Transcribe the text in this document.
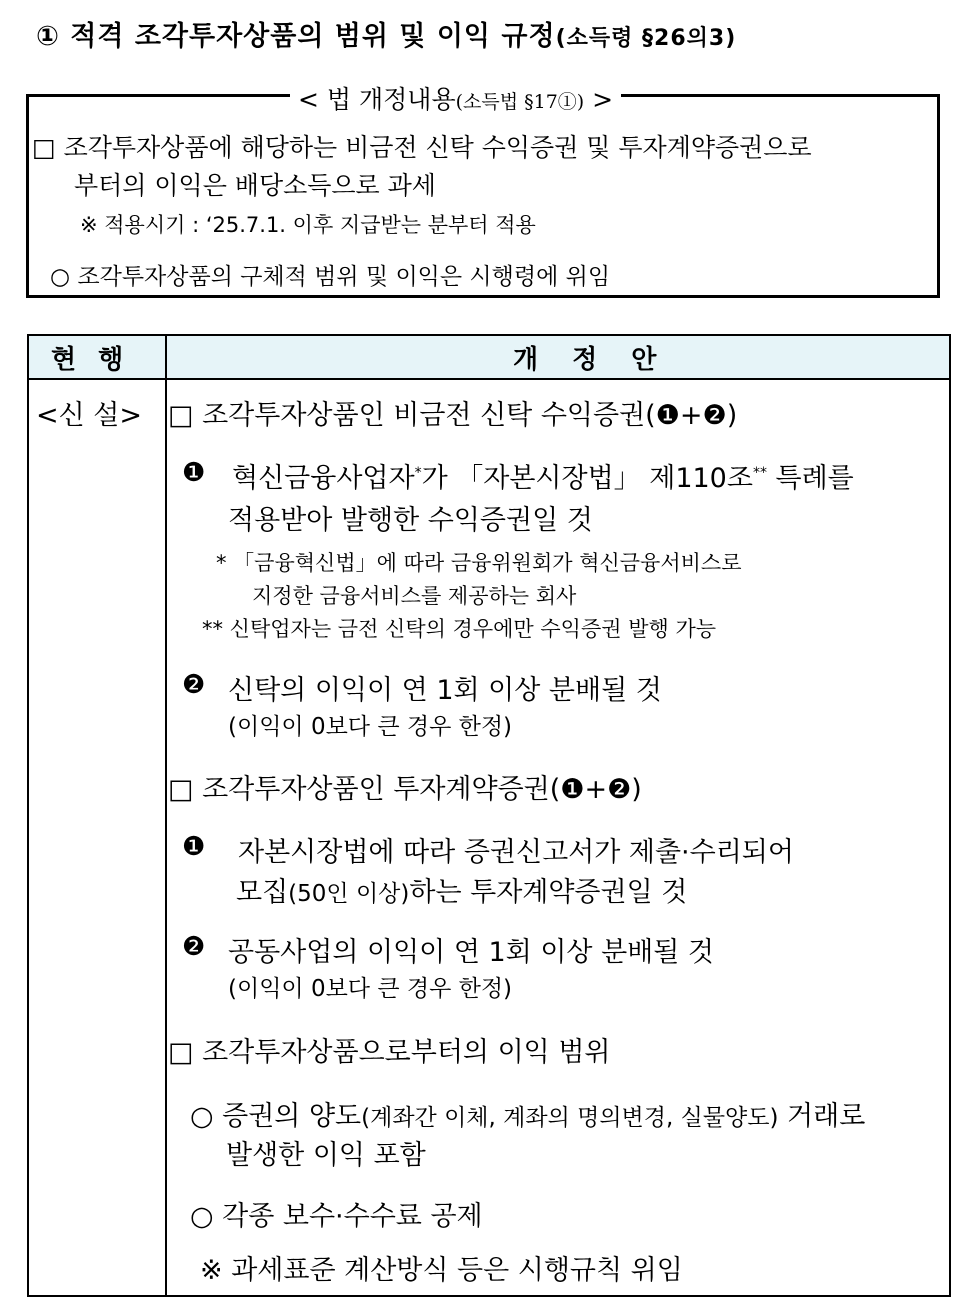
① 적격 조각투자상품의 범위 및 이익 규정(소득령 §26의3)
< 법 개정내용(소득법 §17①) >
□ 조각투자상품에 해당하는 비금전 신탁 수익증권 및 투자계약증권으로
부터의 이익은 배당소득으로 과세
※ 적용시기 : ‘25.7.1. 이후 지급받는 분부터 적용
○ 조각투자상품의 구체적 범위 및 이익은 시행령에 위임
현행	개정안
<신 설> □ 조각투자상품인 비금전 신탁 수익증권(❶+❷)
❶ 혁신금융사업자*가 「자본시장법」 제110조** 특례를
적용받아 발행한 수익증권일 것
* 「금융혁신법」에 따라 금융위원회가 혁신금융서비스로
지정한 금융서비스를 제공하는 회사
** 신탁업자는 금전 신탁의 경우에만 수익증권 발행 가능
❷ 신탁의 이익이 연 1회 이상 분배될 것
(이익이 0보다 큰 경우 한정)
□ 조각투자상품인 투자계약증권(❶+❷)
❶ 자본시장법에 따라 증권신고서가 제출·수리되어
모집(50인 이상)하는 투자계약증권일 것
❷ 공동사업의 이익이 연 1회 이상 분배될 것
(이익이 0보다 큰 경우 한정)
□ 조각투자상품으로부터의 이익 범위
○ 증권의 양도(계좌간 이체, 계좌의 명의변경, 실물양도) 거래로
발생한 이익 포함
○ 각종 보수·수수료 공제
※ 과세표준 계산방식 등은 시행규칙 위임
